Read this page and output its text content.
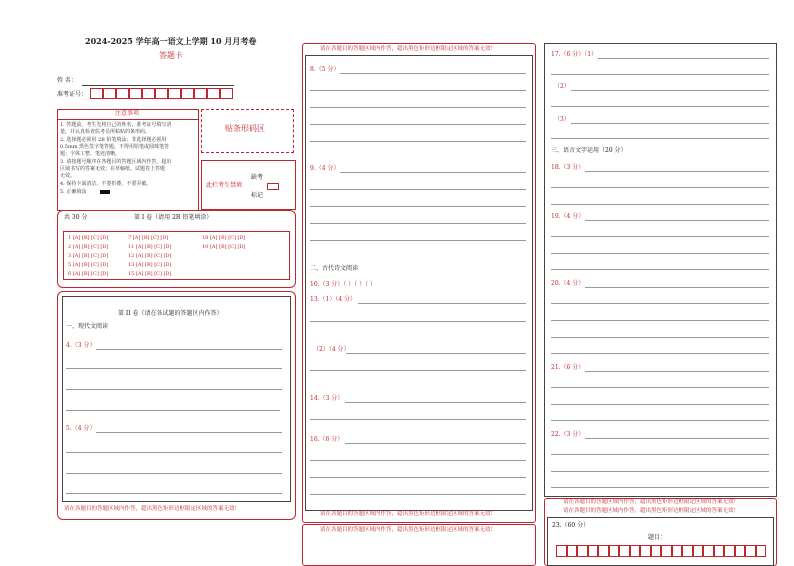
2024-2025 学年高一语文上学期 10 月月考卷
答题卡
姓 名：
准考证号：
注意事项
1. 答题前，考生先将自己的姓名、准考证号填写清
楚，并认真检查监考员所粘贴的条形码。
2. 选择题必须用 2B 铅笔填涂；非选择题必须用
0.5mm 黑色签字笔答题，不得用铅笔或圆珠笔答
题；字体工整、笔迹清晰。
3. 请按题号顺序在各题目的答题区域内作答，超出
区域书写的答案无效；在草稿纸、试题卷上答题
无效。
4. 保持卡面清洁，不要折叠、不要弄破。
5. 正确填涂
贴条形码区
此栏考生禁填
缺考
标记
共 30 分	第 I 卷（请用 2B 铅笔填涂）
1 [A] [B] [C] [D]	7 [A] [B] [C] [D]	18 [A] [B] [C] [D]
2 [A] [B] [C] [D]	11 [A] [B] [C] [D]	10 [A] [B] [C] [D]
3 [A] [B] [C] [D]	12 [A] [B] [C] [D]
5 [A] [B] [C] [D]	13 [A] [B] [C] [D]
6 [A] [B] [C] [D]	15 [A] [B] [C] [D]
第 II 卷（请在各试题的答题区内作答）
一、现代文阅读
4.（3 分）
5.（4 分）
请在各题目的答题区域内作答，超出黑色矩形边框限定区域的答案无效！
请在各题目的答题区域内作答，超出黑色矩形边框限定区域的答案无效！
8.（5 分）
9.（4 分）
二、古代诗文阅读
10.（3 分）（ ）（ ）（ ）
13.（1）（4 分）
（2）（4 分）
14.（3 分）
16.（6 分）
请在各题目的答题区域内作答，超出黑色矩形边框限定区域的答案无效！
请在各题目的答题区域内作答，超出黑色矩形边框限定区域的答案无效！
17.（6 分）（1）
（2）
（3）
三、语言文字运用（20 分）
18.（3 分）
19.（4 分）
20.（4 分）
21.（6 分）
22.（3 分）
请在各题目的答题区域内作答，超出黑色矩形边框限定区域的答案无效！
请在各题目的答题区域内作答，超出黑色矩形边框限定区域的答案无效！
23.（60 分）
题目：
